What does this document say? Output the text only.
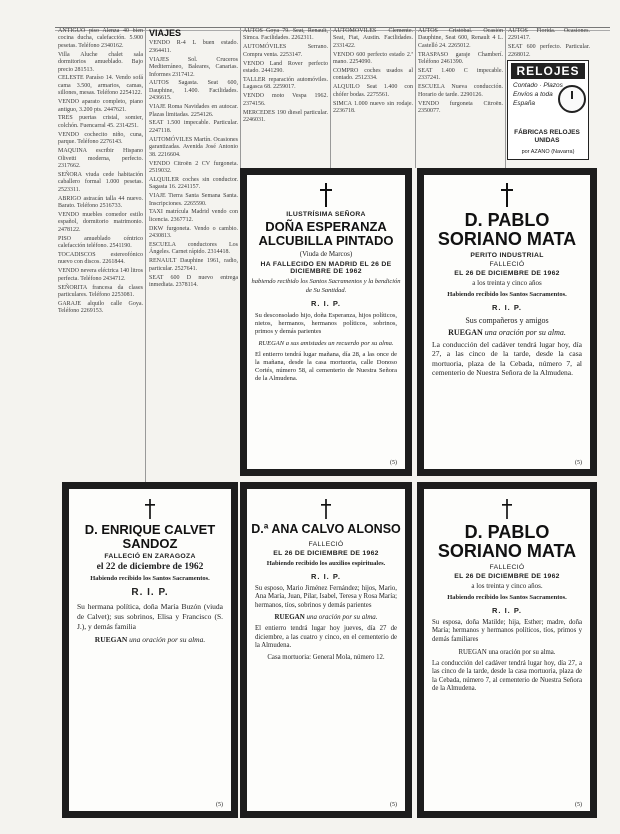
ANTIGUO piso Alenza 40 bien cocina ducha, calefacción. 5.900 pesetas. Teléfono 2340162.

Villa Aluche chalet sala dormitorios amueblado. Bajo precio 281513.

CELESTE Paraíso 14. Vendo sofá cama 3.500, armarios, camas, sillones, mesas. Teléfono 2254122.

VENDO aparato completo, piano antiguo, 3.200 pts. 2447621.

TRES puertas cristal, somier, colchón. Fuencarral 45. 2314251.

VENDO cochecito niño, cuna, parque. Teléfono 2276143.

MAQUINA escribir Hispano Olivetti moderna, perfecto. 2317662.

SEÑORA viuda cede habitación caballero formal 1.000 pesetas. 2523311.

ABRIGO astracán talla 44 nuevo. Barato. Teléfono 2516733.

VENDO muebles comedor estilo español, dormitorio matrimonio. 2478122.

PISO amueblado céntrico calefacción teléfono. 2541190.

TOCADISCOS estereofónico nuevo con discos. 2261844.

VENDO nevera eléctrica 140 litros perfecta. Teléfono 2434712.

SEÑORITA francesa da clases particulares. Teléfono 2253081.

GARAJE alquilo calle Goya. Teléfono 2269153.

VIAJES

VENDO R-4 L buen estado. 2364411.

VIAJES Sol. Cruceros Mediterráneo, Baleares, Canarias. Informes 2317412.

AUTOS Sagasta. Seat 600, Dauphine, 1.400. Facilidades. 2436615.

VIAJE Roma Navidades en autocar. Plazas limitadas. 2254126.

SEAT 1.500 impecable. Particular. 2247118.

AUTOMÓVILES Martín. Ocasiones garantizadas. Avenida José Antonio 38. 2216604.

VENDO Citroën 2 CV furgoneta. 2519032.

ALQUILER coches sin conductor. Sagasta 16. 2241157.

VIAJE Tierra Santa Semana Santa. Inscripciones. 2265590.

TAXI matrícula Madrid vendo con licencia. 2367712.

DKW furgoneta. Vendo o cambio. 2430813.

ESCUELA conductores Los Ángeles. Carnet rápido. 2314418.

RENAULT Dauphine 1961, radio, particular. 2527641.

SEAT 600 D nuevo entrega inmediata. 2378114.

AUTOS Goya 79. Seat, Renault, Simca. Facilidades. 2262311.

AUTOMÓVILES Serrano. Compra venta. 2253147.

VENDO Land Rover perfecto estado. 2441290.

TALLER reparación automóviles. Lagasca 68. 2259017.

VENDO moto Vespa 1962. 2374156.

MERCEDES 190 diesel particular. 2246031.

AUTOMÓVILES Clemente. Seat, Fiat, Austin. Facilidades. 2331422.

VENDO 600 perfecto estado 2.ª mano. 2254090.

COMPRO coches usados al contado. 2512334.

ALQUILO Seat 1.400 con chófer bodas. 2275561.

SIMCA 1.000 nuevo sin rodaje. 2236718.

AUTOS Cristóbal. Ocasión Dauphine, Seat 600, Renault 4 L. Castelló 24. 2265012.

TRASPASO garaje Chamberí. Teléfono 2461390.

SEAT 1.400 C impecable. 2337241.

ESCUELA Nueva conducción. Horario de tarde. 2290126.

VENDO furgoneta Citroën. 2350077.

AUTOS Florida. Ocasiones. 2291417.

SEAT 600 perfecto. Particular. 2268012.

RELOJES
Contado · Plazos
Envíos a toda
España
FÁBRICAS RELOJES UNIDAS
por AZANO (Navarra)
ILUSTRÍSIMA SEÑORA
DOÑA ESPERANZA ALCUBILLA PINTADO
(Viuda de Marcos)
HA FALLECIDO EN MADRID EL 26 DE DICIEMBRE DE 1962
habiendo recibido los Santos Sacramentos y la bendición de Su Santidad.
R. I. P.
Su desconsolado hijo, doña Esperanza, hijos políticos, nietos, hermanos, hermanos políticos, sobrinos, primos y demás parientes
RUEGAN a sus amistades un recuerdo por su alma.
El entierro tendrá lugar mañana, día 28, a las once de la mañana, desde la casa mortuoria, calle Donoso Cortés, número 58, al cementerio de Nuestra Señora de la Almudena.
(5)
D. PABLO SORIANO MATA
PERITO INDUSTRIAL
FALLECIÓ
EL 26 DE DICIEMBRE DE 1962
a los treinta y cinco años
Habiendo recibido los Santos Sacramentos.
R. I. P.
Sus compañeros y amigos
RUEGAN una oración por su alma.
La conducción del cadáver tendrá lugar hoy, día 27, a las cinco de la tarde, desde la casa mortuoria, plaza de la Cebada, número 7, al cementerio de Nuestra Señora de la Almudena.
(5)
D. ENRIQUE CALVET SANDOZ
FALLECIÓ EN ZARAGOZA
el 22 de diciembre de 1962
Habiendo recibido los Santos Sacramentos.
R. I. P.
Su hermana política, doña María Buzón (viuda de Calvet); sus sobrinos, Elisa y Francisco (S. J.), y demás familia
RUEGAN una oración por su alma.
(5)
D.ª ANA CALVO ALONSO
FALLECIÓ
EL 26 DE DICIEMBRE DE 1962
Habiendo recibido los auxilios espirituales.
R. I. P.
Su esposo, Mario Jiménez Fernández; hijos, Mario, Ana María, Juan, Pilar, Isabel, Teresa y Rosa María; hermanos, tíos, sobrinos y demás parientes
RUEGAN una oración por su alma.
El entierro tendrá lugar hoy jueves, día 27 de diciembre, a las cuatro y cinco, en el cementerio de la Almudena.
Casa mortuoria: General Mola, número 12.
(5)
D. PABLO SORIANO MATA
FALLECIÓ
EL 26 DE DICIEMBRE DE 1962
a los treinta y cinco años.
Habiendo recibido los Santos Sacramentos.
R. I. P.
Su esposa, doña Matilde; hija, Esther; madre, doña María; hermanos y hermanos políticos, tíos, primos y demás familiares
RUEGAN una oración por su alma.
La conducción del cadáver tendrá lugar hoy, día 27, a las cinco de la tarde, desde la casa mortuoria, plaza de la Cebada, número 7, al cementerio de Nuestra Señora de la Almudena.
(5)
